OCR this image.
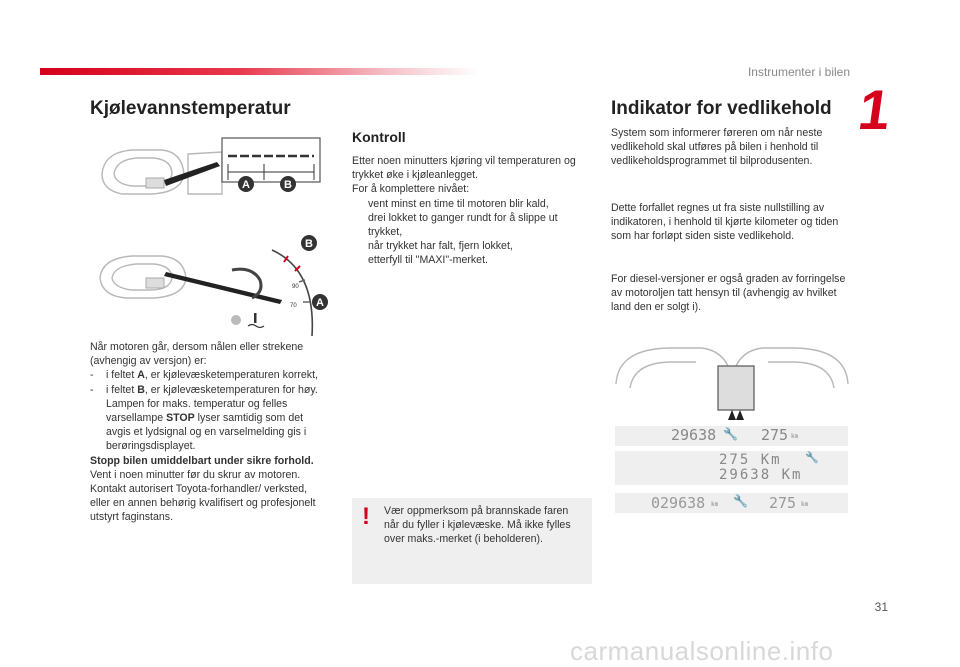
Instrumenter i bilen
1
Kjølevannstemperatur
A	B
90
70
B
A
Når motoren går, dersom nålen eller strekene (avhengig av versjon) er:
- i feltet A, er kjølevæsketemperaturen korrekt,
- i feltet B, er kjølevæsketemperaturen for høy. Lampen for maks. temperatur og felles varsellampe STOP lyser samtidig som det avgis et lydsignal og en varselmelding gis i berøringsdisplayet.
Stopp bilen umiddelbart under sikre forhold.
Vent i noen minutter før du skrur av motoren. Kontakt autorisert Toyota-forhandler/ verksted, eller en annen behørig kvalifisert og profesjonelt utstyrt faginstans.
Kontroll
Etter noen minutters kjøring vil temperaturen og trykket øke i kjøleanlegget.
For å komplettere nivået:
vent minst en time til motoren blir kald,
drei lokket to ganger rundt for å slippe ut trykket,
når trykket har falt, fjern lokket,
etterfyll til "MAXI"-merket.
! Vær oppmerksom på brannskade faren når du fyller i kjølevæske. Må ikke fylles over maks.-merket (i beholderen).
Indikator for vedlikehold
System som informerer føreren om når neste vedlikehold skal utføres på bilen i henhold til vedlikeholdsprogrammet til bilprodusenten.
Dette forfallet regnes ut fra siste nullstilling av indikatoren, i henhold til kjørte kilometer og tiden som har forløpt siden siste vedlikehold.
For diesel-versjoner er også graden av forringelse av motoroljen tatt hensyn til (avhengig av hvilket land den er solgt i).
29638 🔧 275 km
275 Km 🔧
29638 Km
029638 km 🔧 275 km
31
carmanualsonline.info
